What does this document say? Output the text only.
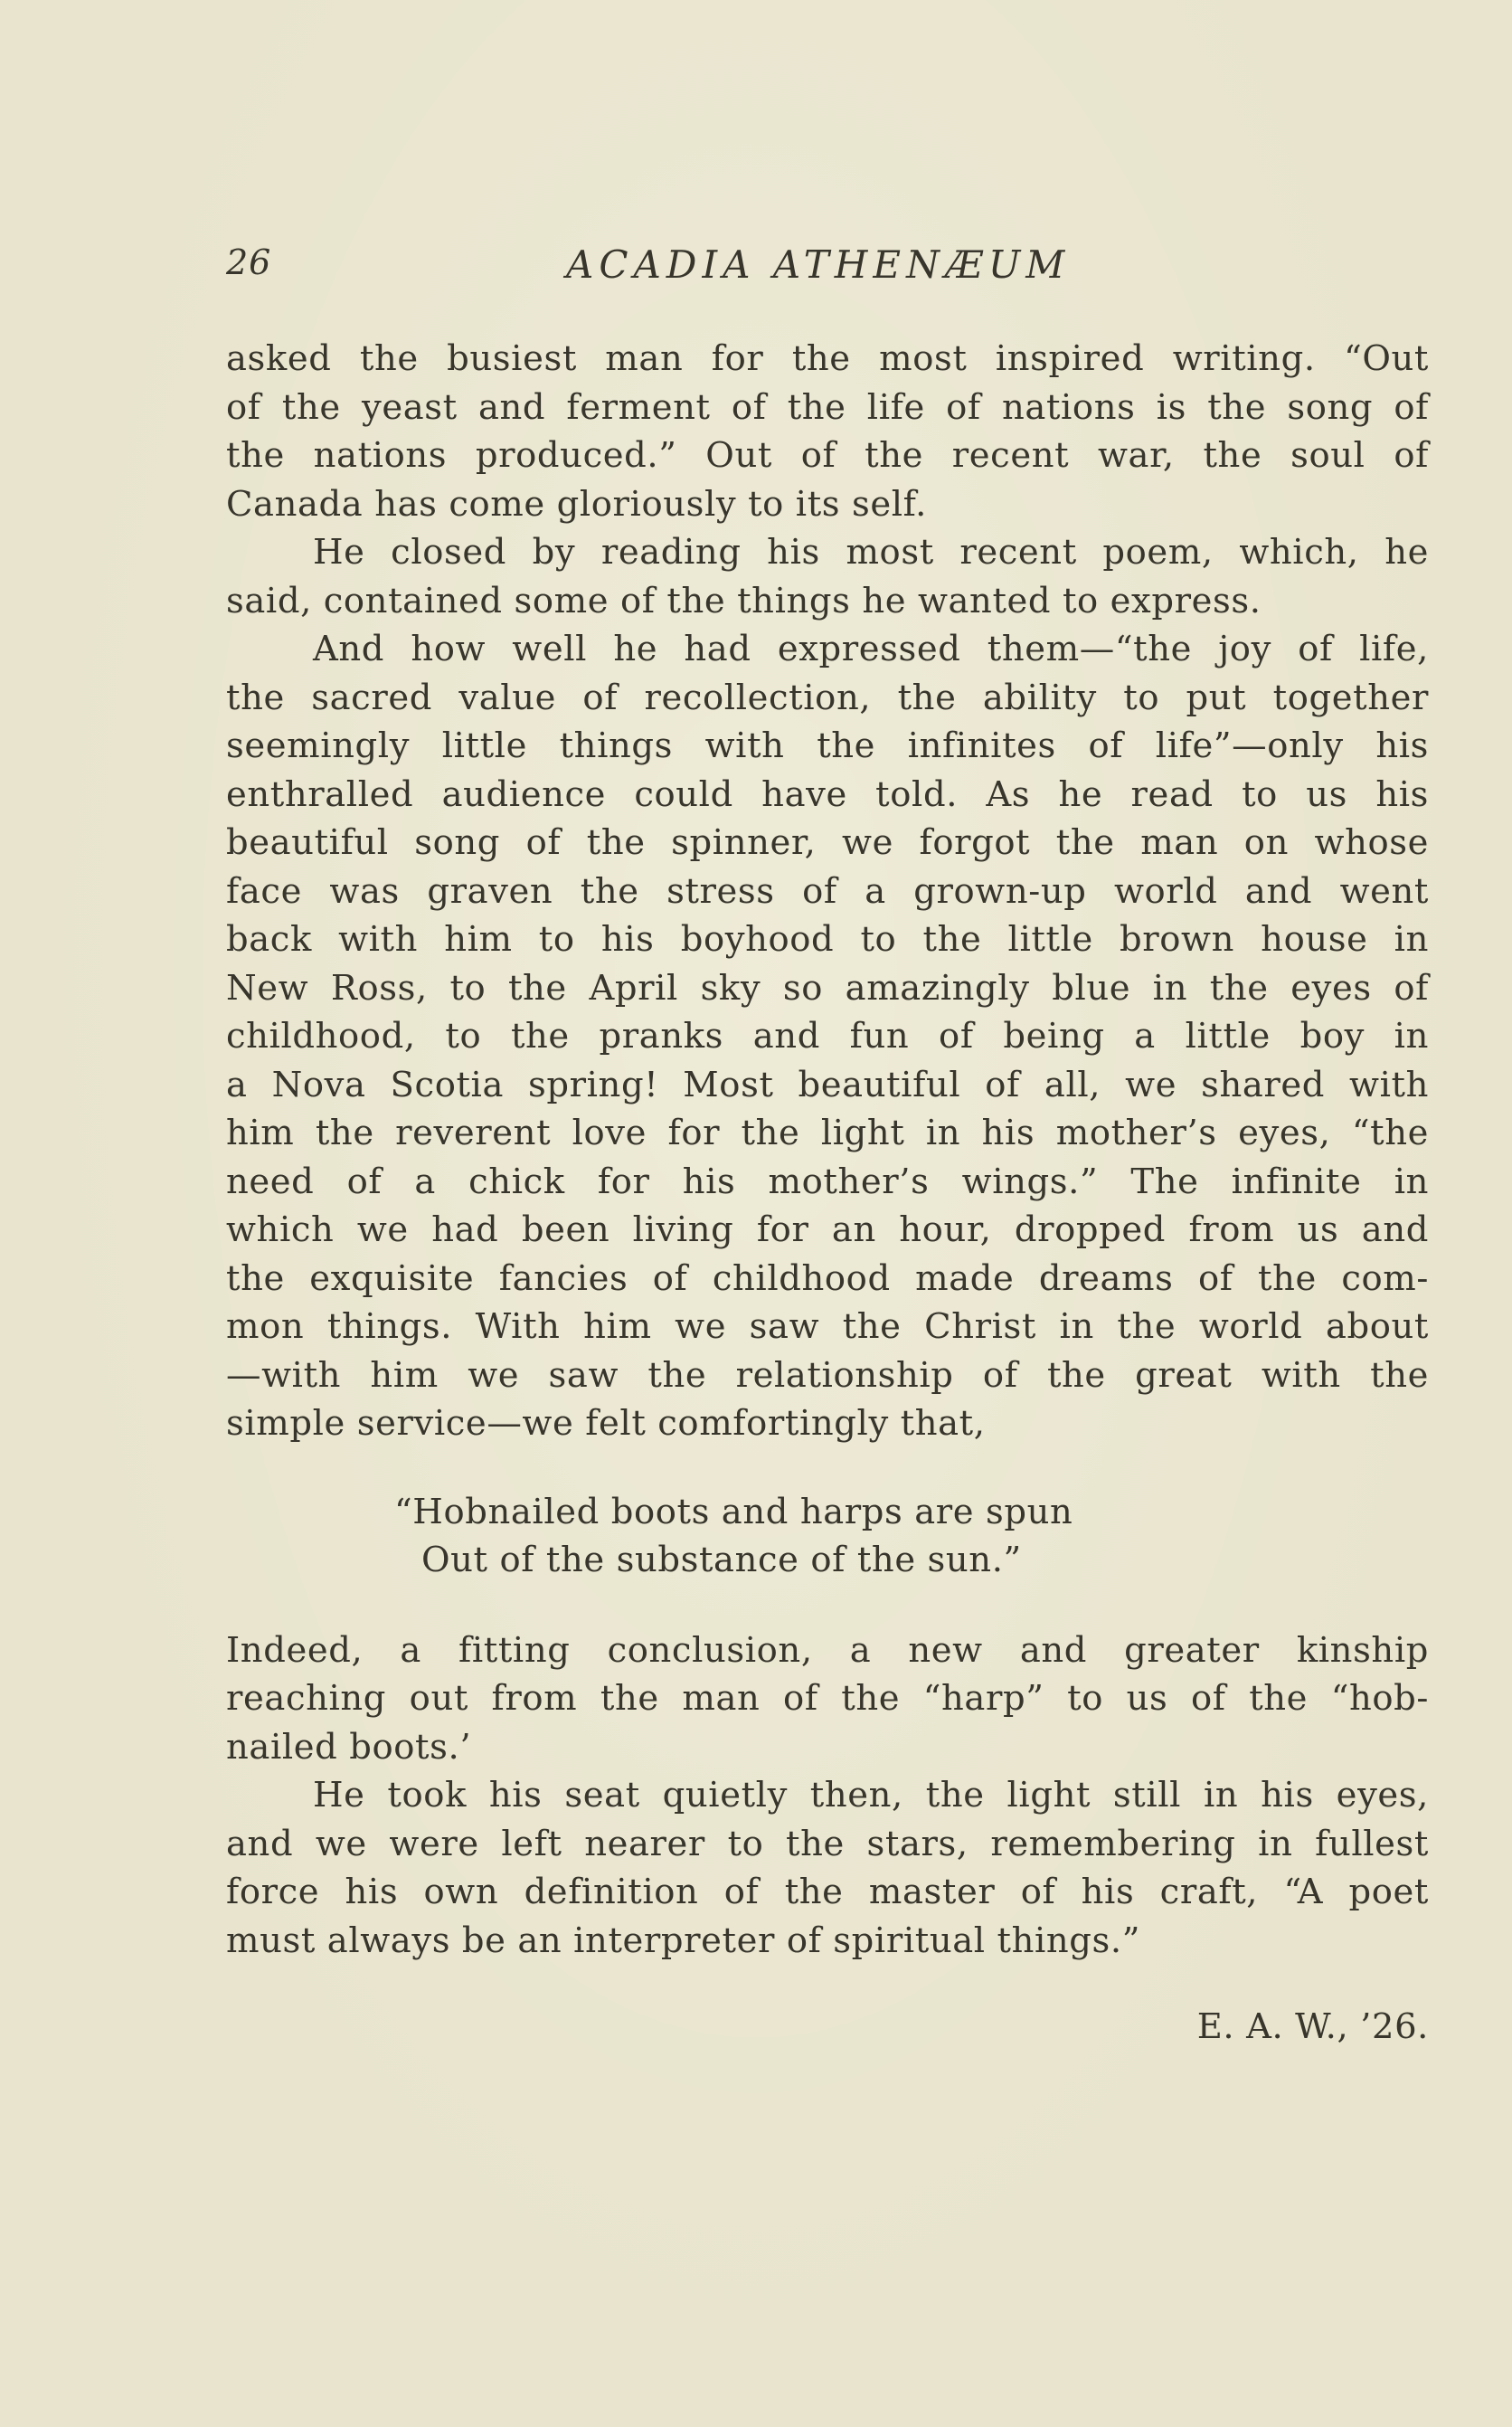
26	ACADIA ATHENÆUM
asked the busiest man for the most inspired writing. “Out
of the yeast and ferment of the life of nations is the song of
the nations produced.” Out of the recent war, the soul of
Canada has come gloriously to its self.
He closed by reading his most recent poem, which, he
said, contained some of the things he wanted to express.
And how well he had expressed them—“the joy of life,
the sacred value of recollection, the ability to put together
seemingly little things with the infinites of life”—only his
enthralled audience could have told. As he read to us his
beautiful song of the spinner, we forgot the man on whose
face was graven the stress of a grown-up world and went
back with him to his boyhood to the little brown house in
New Ross, to the April sky so amazingly blue in the eyes of
childhood, to the pranks and fun of being a little boy in
a Nova Scotia spring! Most beautiful of all, we shared with
him the reverent love for the light in his mother’s eyes, “the
need of a chick for his mother’s wings.” The infinite in
which we had been living for an hour, dropped from us and
the exquisite fancies of childhood made dreams of the com-
mon things. With him we saw the Christ in the world about
—with him we saw the relationship of the great with the
simple service—we felt comfortingly that,
“Hobnailed boots and harps are spun
Out of the substance of the sun.”
Indeed, a fitting conclusion, a new and greater kinship
reaching out from the man of the “harp” to us of the “hob-
nailed boots.’
He took his seat quietly then, the light still in his eyes,
and we were left nearer to the stars, remembering in fullest
force his own definition of the master of his craft, “A poet
must always be an interpreter of spiritual things.”
E. A. W., ’26.
